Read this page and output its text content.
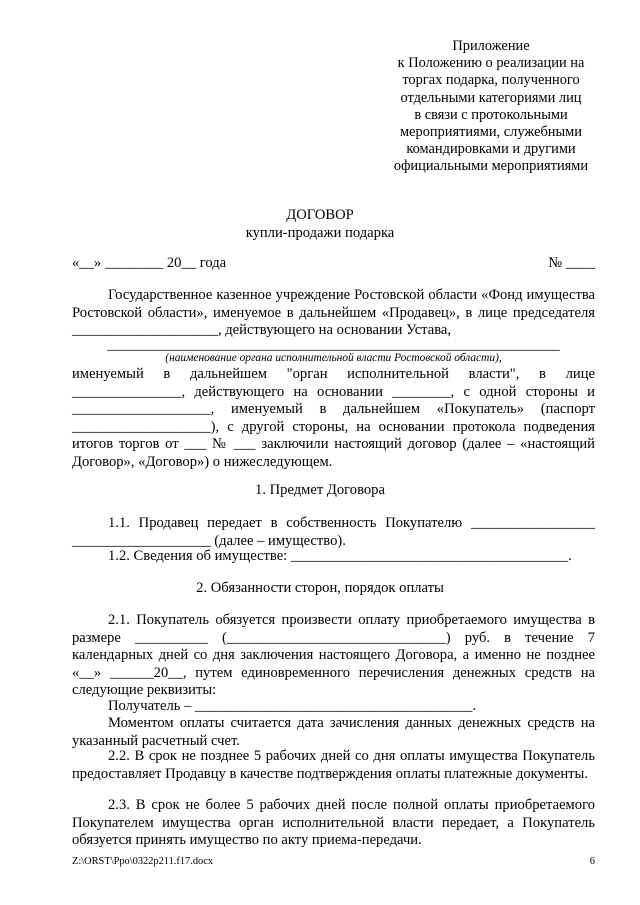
Приложение
к Положению о реализации на
торгах подарка, полученного
отдельными категориями лиц
в связи с протокольными
мероприятиями, служебными
командировками и другими
официальными мероприятиями
ДОГОВОР
купли-продажи подарка
«__» ________ 20__ года	№ ____
Государственное казенное учреждение Ростовской области «Фонд имущества Ростовской области», именуемое в дальнейшем «Продавец», в лице председателя ____________________, действующего на основании Устава,
______________________________________________________________
(наименование органа исполнительной власти Ростовской области),
именуемый в дальнейшем "орган исполнительной власти", в лице _______________, действующего на основании ________, с одной стороны и ___________________, именуемый в дальнейшем «Покупатель» (паспорт ___________________), с другой стороны, на основании протокола подведения итогов торгов от ___ № ___ заключили настоящий договор (далее – «настоящий Договор», «Договор») о нижеследующем.
1. Предмет Договора
1.1. Продавец передает в собственность Покупателю _________________ ___________________ (далее – имущество).
1.2. Сведения об имуществе: ______________________________________.
2. Обязанности сторон, порядок оплаты
2.1. Покупатель обязуется произвести оплату приобретаемого имущества в размере __________ (______________________________) руб. в течение 7 календарных дней со дня заключения настоящего Договора, а именно не позднее «__» ______20__, путем единовременного перечисления денежных средств на следующие реквизиты:
Получатель – ______________________________________.
Моментом оплаты считается дата зачисления данных денежных средств на указанный расчетный счет.
2.2. В срок не позднее 5 рабочих дней со дня оплаты имущества Покупатель предоставляет Продавцу в качестве подтверждения оплаты платежные документы.
2.3. В срок не более 5 рабочих дней после полной оплаты приобретаемого Покупателем имущества орган исполнительной власти передает, а Покупатель обязуется принять имущество по акту приема-передачи.
Z:\ORST\Ppo\0322p211.f17.docx	6
